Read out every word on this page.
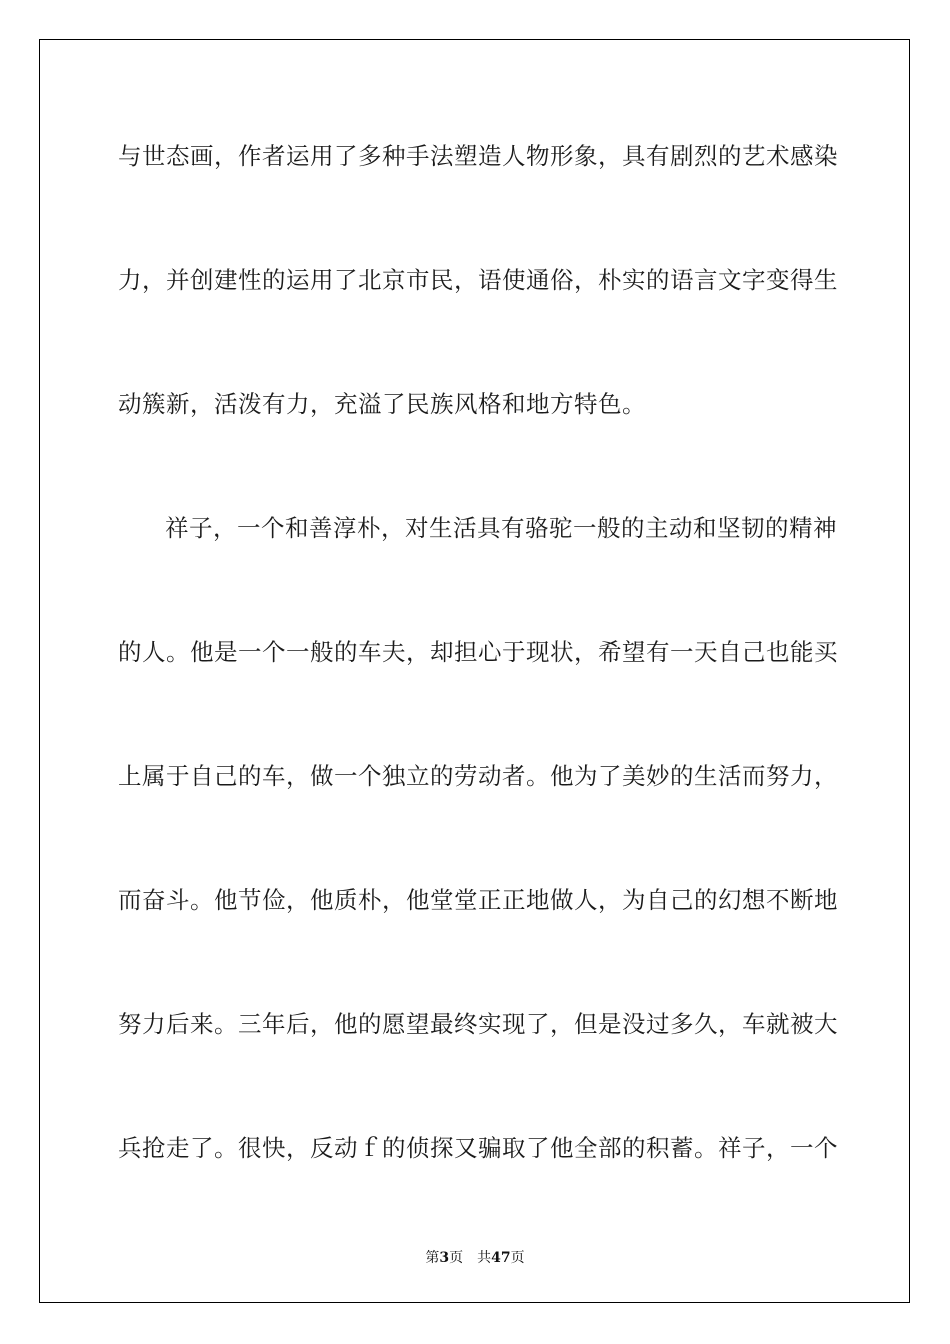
与世态画，作者运用了多种手法塑造人物形象，具有剧烈的艺术感染
力，并创建性的运用了北京市民，语使通俗，朴实的语言文字变得生
动簇新，活泼有力，充溢了民族风格和地方特色。
祥子，一个和善淳朴，对生活具有骆驼一般的主动和坚韧的精神
的人。他是一个一般的车夫，却担心于现状，希望有一天自己也能买
上属于自己的车，做一个独立的劳动者。他为了美妙的生活而努力，
而奋斗。他节俭，他质朴，他堂堂正正地做人，为自己的幻想不断地
努力后来。三年后，他的愿望最终实现了，但是没过多久，车就被大
兵抢走了。很快，反动ｆ的侦探又骗取了他全部的积蓄。祥子，一个
第3页 共47页
